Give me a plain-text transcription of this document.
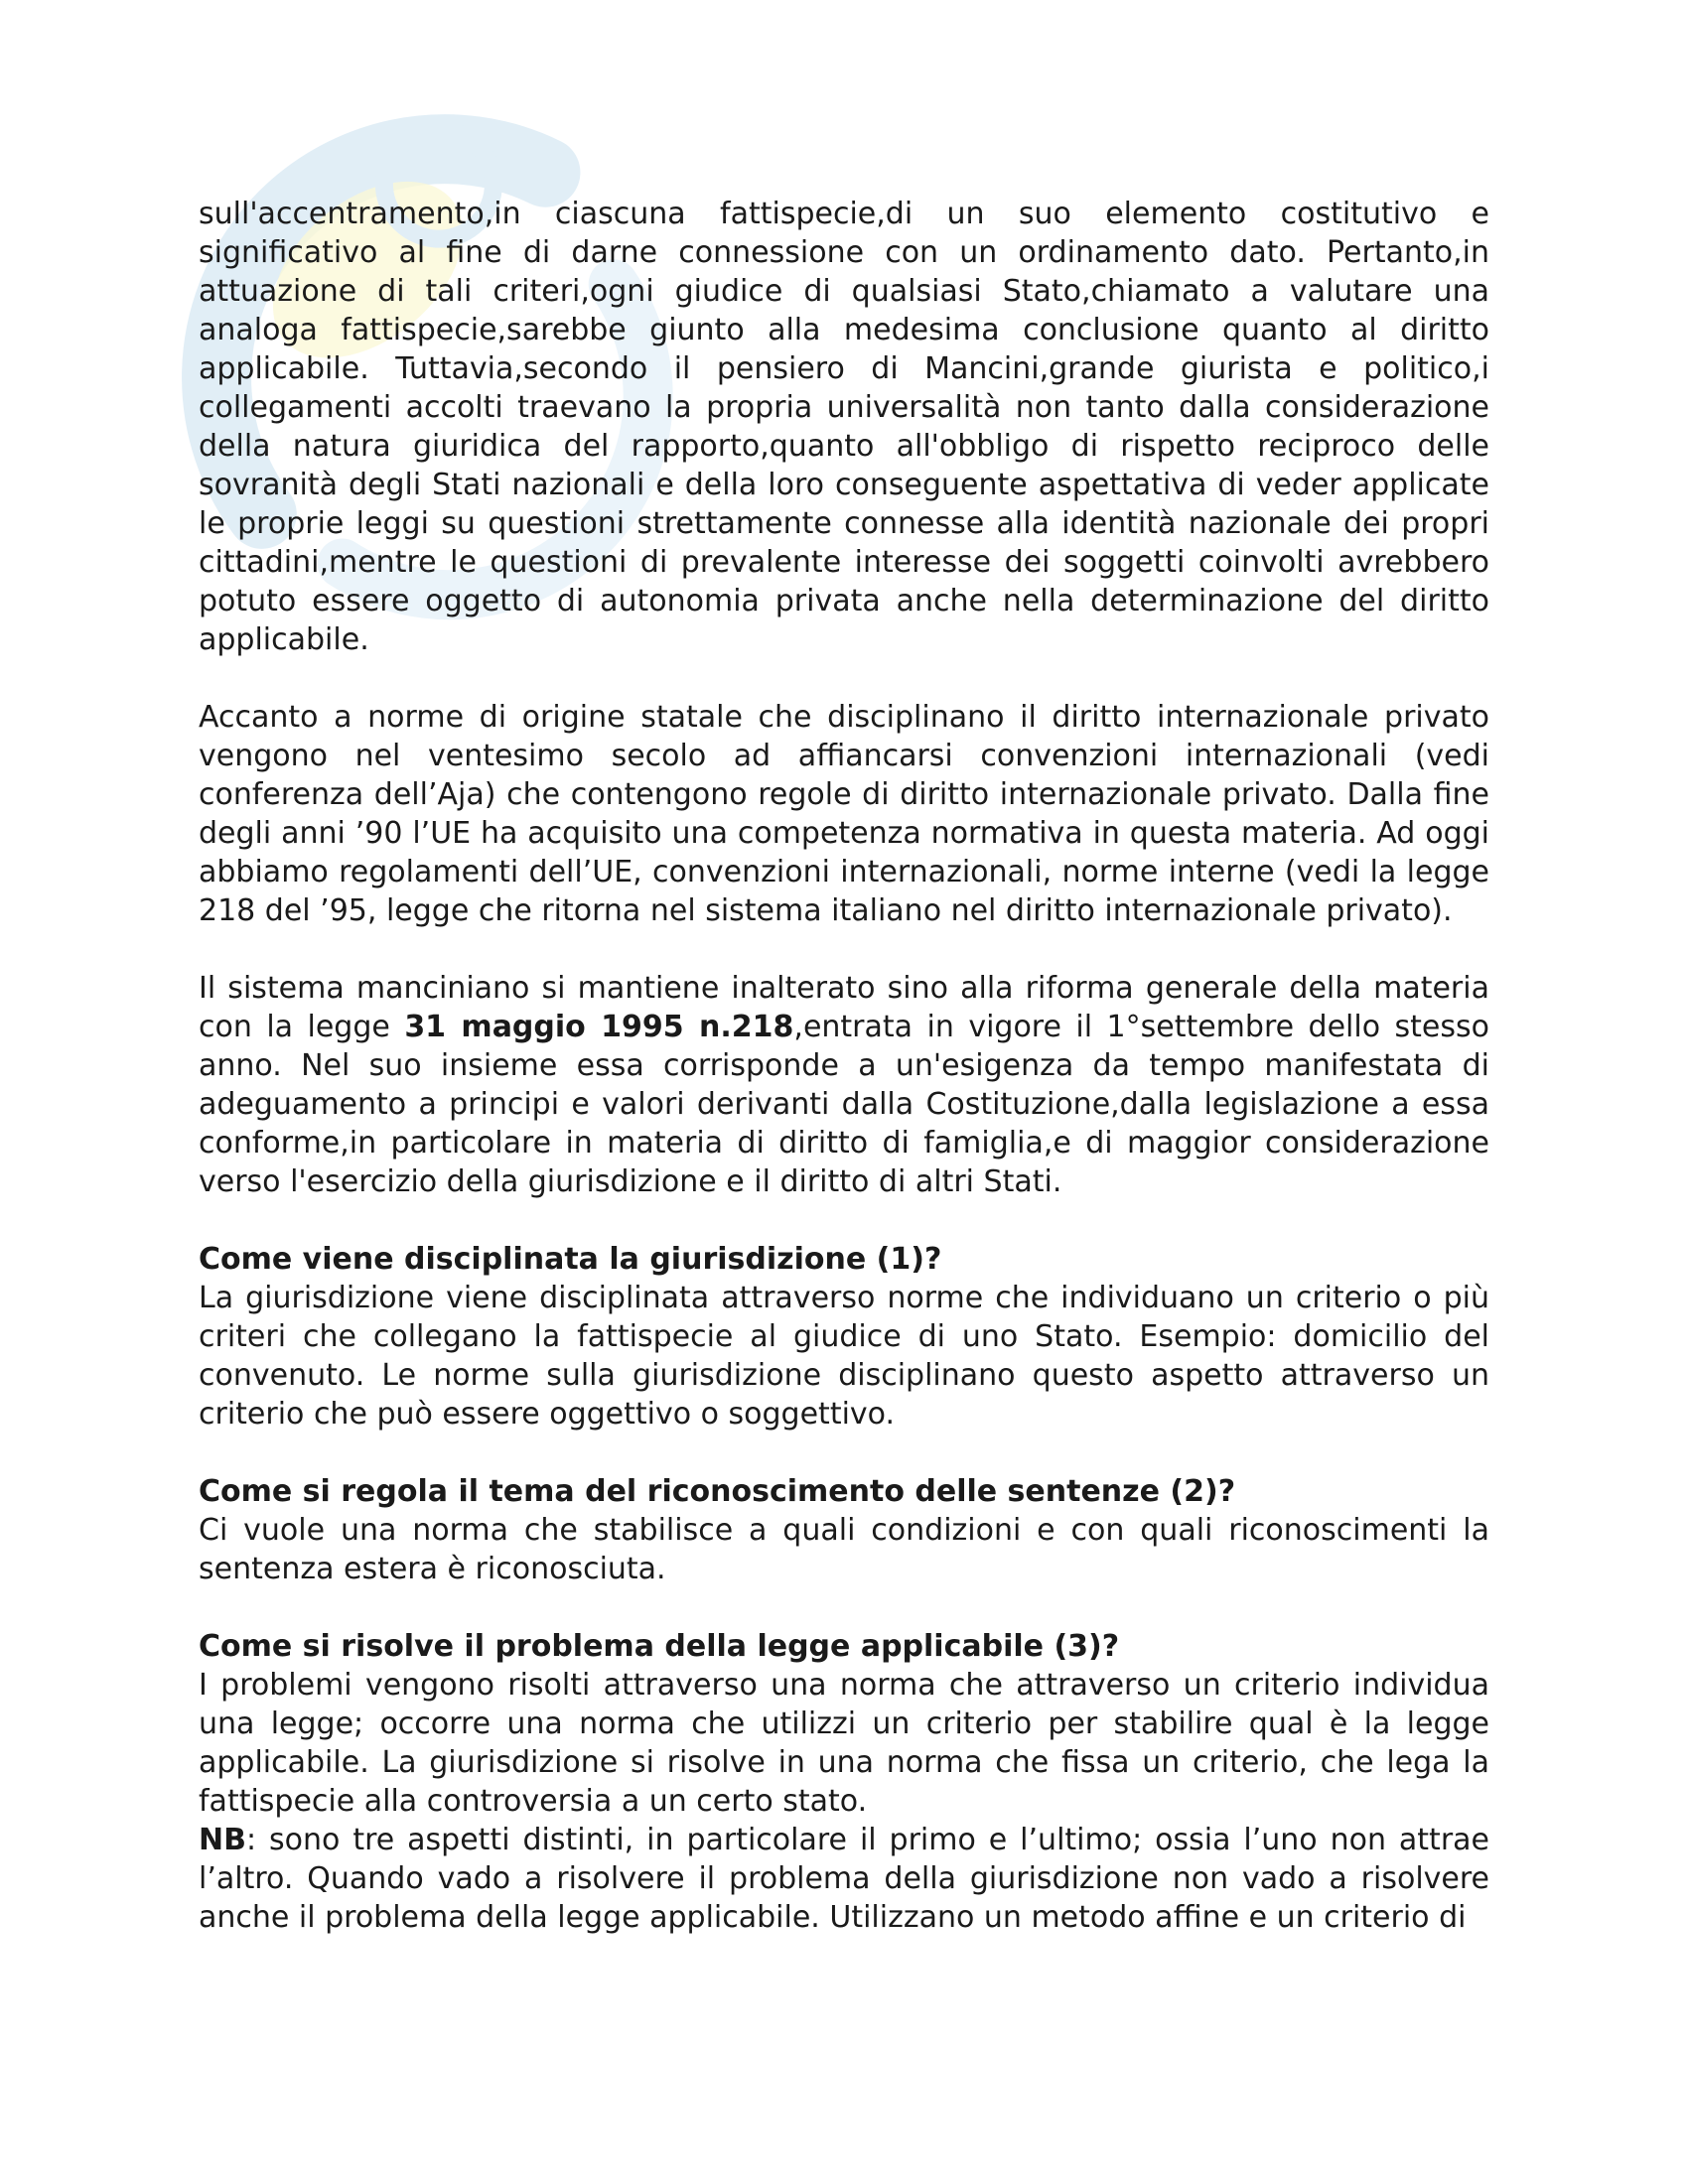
sull'accentramento,in ciascuna fattispecie,di un suo elemento costitutivo e significativo al fine di darne connessione con un ordinamento dato. Pertanto,in attuazione di tali criteri,ogni giudice di qualsiasi Stato,chiamato a valutare una analoga fattispecie,sarebbe giunto alla medesima conclusione quanto al diritto applicabile. Tuttavia,secondo il pensiero di Mancini,grande giurista e politico,i collegamenti accolti traevano la propria universalità non tanto dalla considerazione della natura giuridica del rapporto,quanto all'obbligo di rispetto reciproco delle sovranità degli Stati nazionali e della loro conseguente aspettativa di veder applicate le proprie leggi su questioni strettamente connesse alla identità nazionale dei propri cittadini,mentre le questioni di prevalente interesse dei soggetti coinvolti avrebbero potuto essere oggetto di autonomia privata anche nella determinazione del diritto applicabile.

Accanto a norme di origine statale che disciplinano il diritto internazionale privato vengono nel ventesimo secolo ad affiancarsi convenzioni internazionali (vedi conferenza dell’Aja) che contengono regole di diritto internazionale privato. Dalla fine degli anni ’90 l’UE ha acquisito una competenza normativa in questa materia. Ad oggi abbiamo regolamenti dell’UE, convenzioni internazionali, norme interne (vedi la legge 218 del ’95, legge che ritorna nel sistema italiano nel diritto internazionale privato).

Il sistema manciniano si mantiene inalterato sino alla riforma generale della materia con la legge 31 maggio 1995 n.218,entrata in vigore il 1°settembre dello stesso anno. Nel suo insieme essa corrisponde a un'esigenza da tempo manifestata di adeguamento a principi e valori derivanti dalla Costituzione,dalla legislazione a essa conforme,in particolare in materia di diritto di famiglia,e di maggior considerazione verso l'esercizio della giurisdizione e il diritto di altri Stati.

Come viene disciplinata la giurisdizione (1)?

La giurisdizione viene disciplinata attraverso norme che individuano un criterio o più criteri che collegano la fattispecie al giudice di uno Stato. Esempio: domicilio del convenuto. Le norme sulla giurisdizione disciplinano questo aspetto attraverso un criterio che può essere oggettivo o soggettivo.

Come si regola il tema del riconoscimento delle sentenze (2)?

Ci vuole una norma che stabilisce a quali condizioni e con quali riconoscimenti la sentenza estera è riconosciuta.

Come si risolve il problema della legge applicabile (3)?

I problemi vengono risolti attraverso una norma che attraverso un criterio individua una legge; occorre una norma che utilizzi un criterio per stabilire qual è la legge applicabile. La giurisdizione si risolve in una norma che fissa un criterio, che lega la fattispecie alla controversia a un certo stato.

NB: sono tre aspetti distinti, in particolare il primo e l’ultimo; ossia l’uno non attrae l’altro. Quando vado a risolvere il problema della giurisdizione non vado a risolvere anche il problema della legge applicabile. Utilizzano un metodo affine e un criterio di
